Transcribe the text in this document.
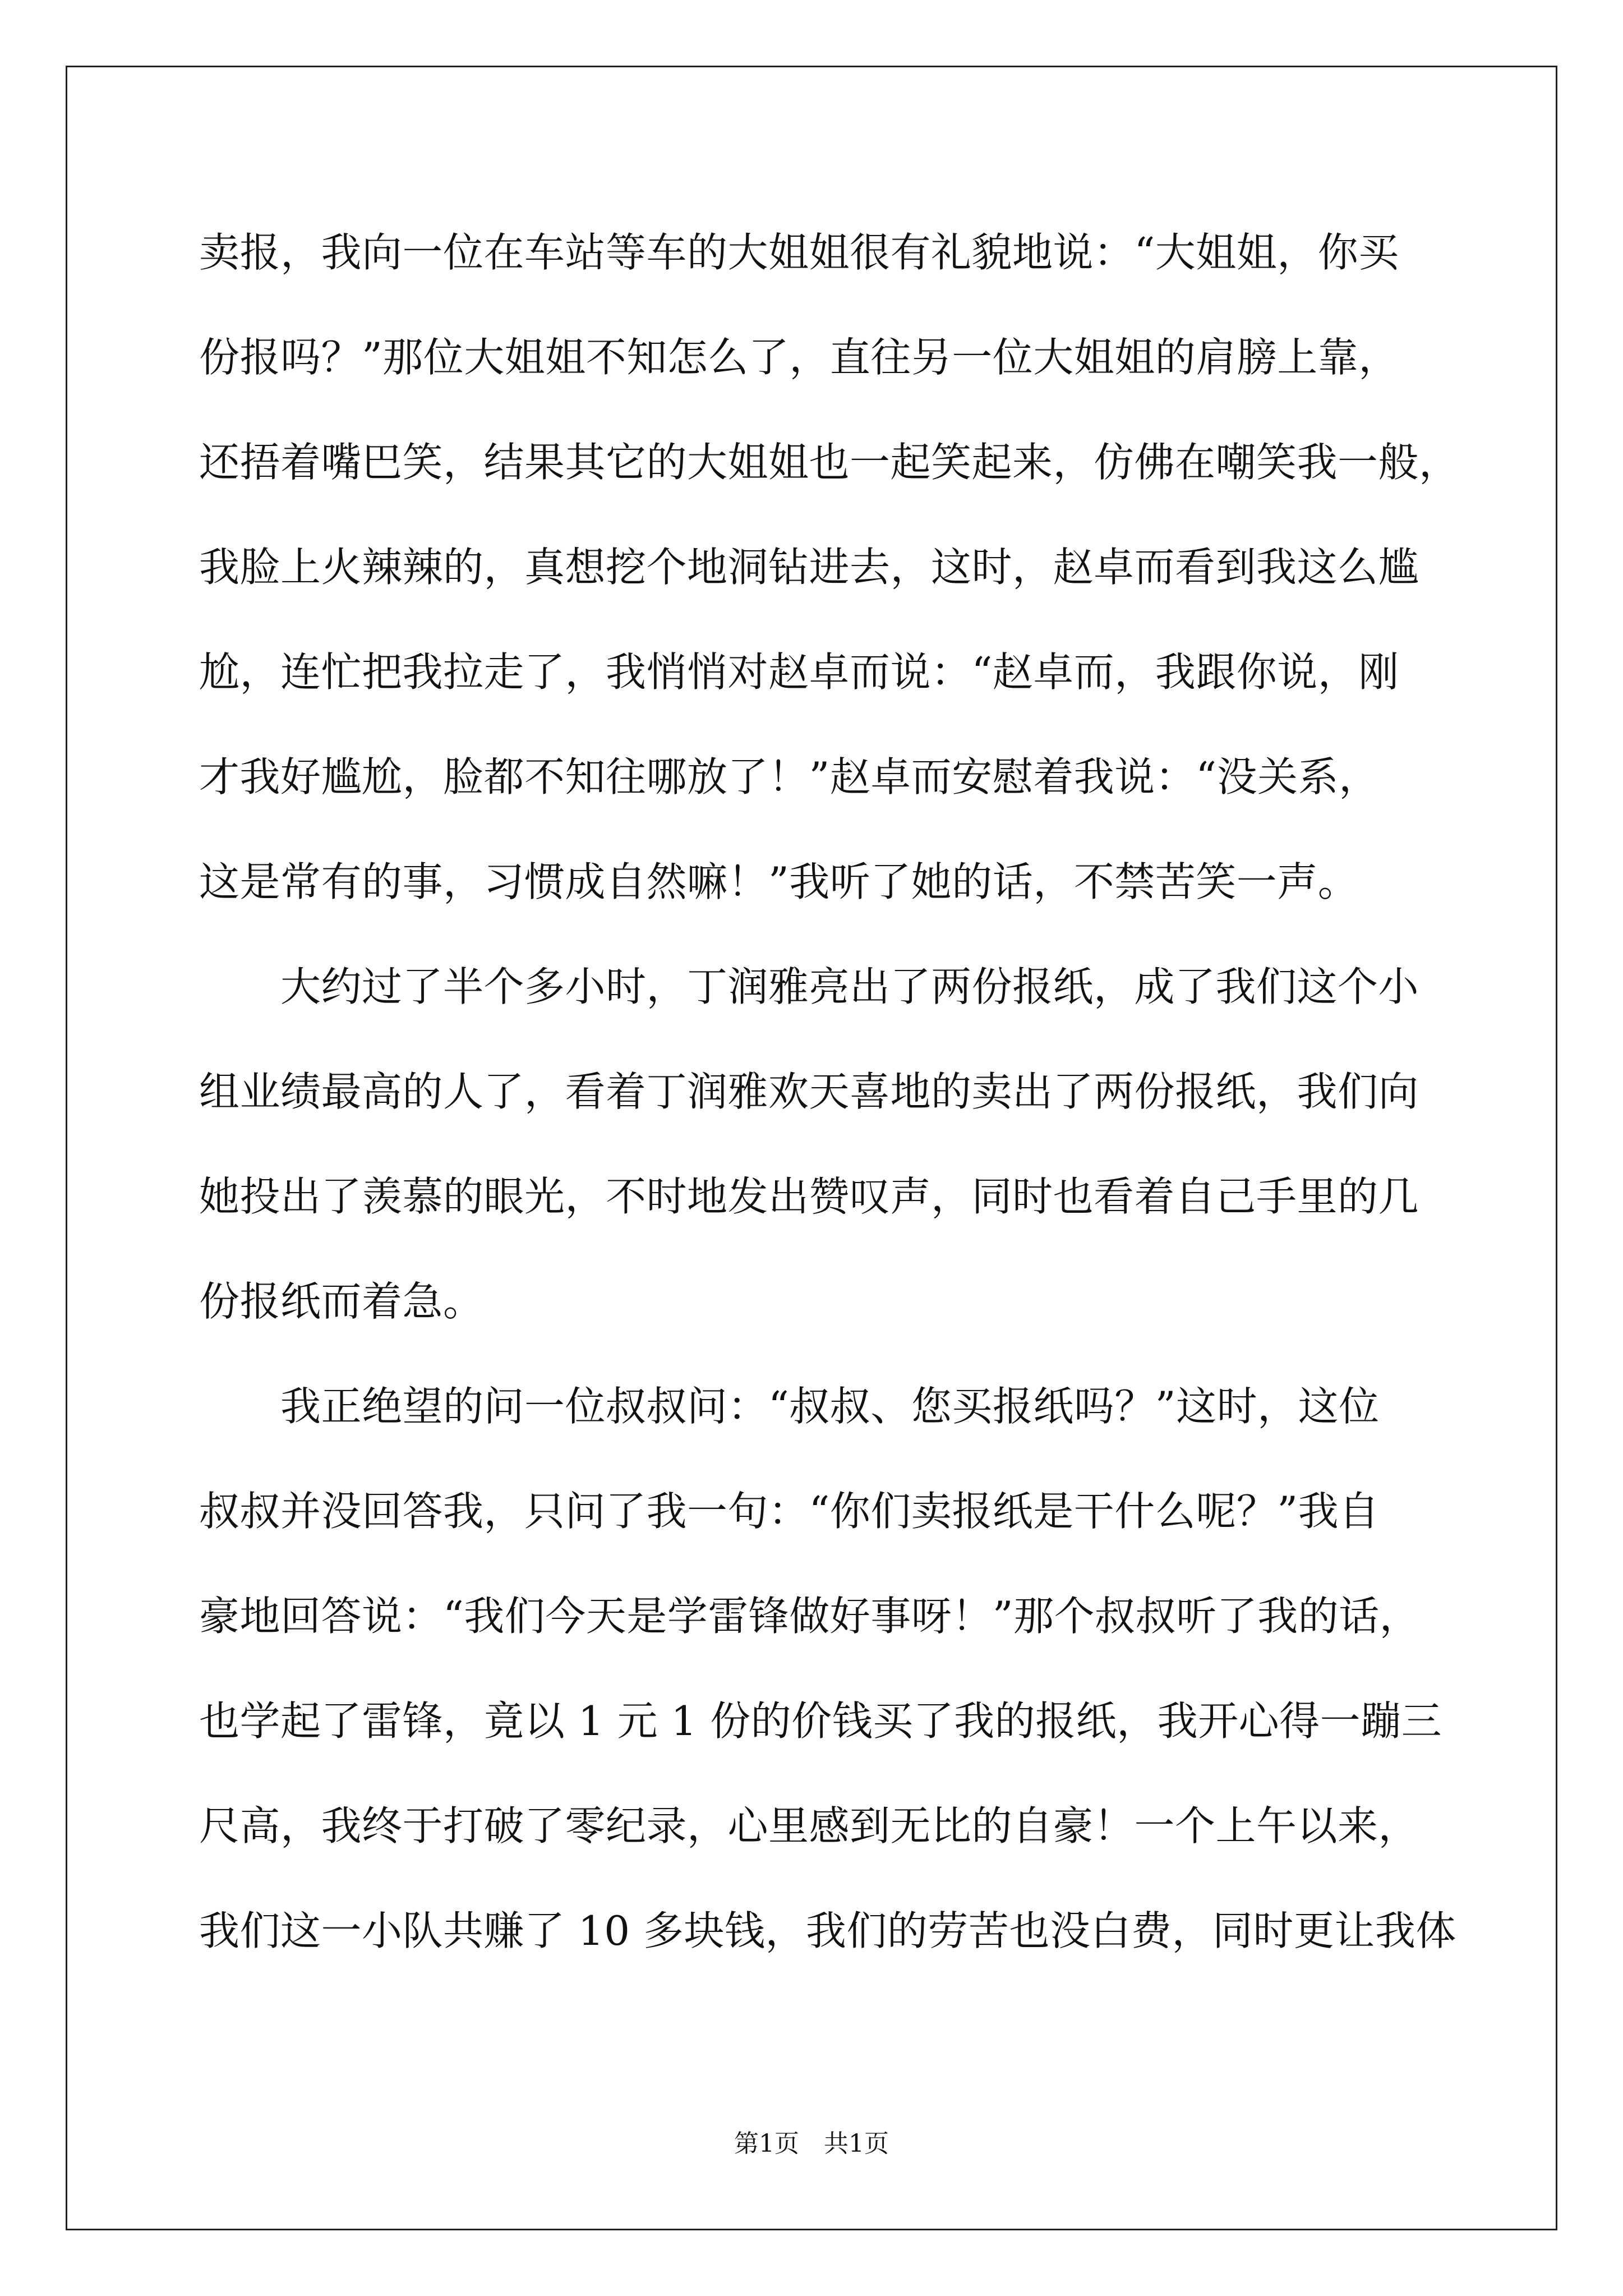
卖报，我向一位在车站等车的大姐姐很有礼貌地说：“大姐姐，你买
份报吗？”那位大姐姐不知怎么了，直往另一位大姐姐的肩膀上靠，
还捂着嘴巴笑，结果其它的大姐姐也一起笑起来，仿佛在嘲笑我一般，
我脸上火辣辣的，真想挖个地洞钻进去，这时，赵卓而看到我这么尴
尬，连忙把我拉走了，我悄悄对赵卓而说：“赵卓而，我跟你说，刚
才我好尴尬，脸都不知往哪放了！”赵卓而安慰着我说：“没关系，
这是常有的事，习惯成自然嘛！”我听了她的话，不禁苦笑一声。
　　大约过了半个多小时，丁润雅亮出了两份报纸，成了我们这个小
组业绩最高的人了，看着丁润雅欢天喜地的卖出了两份报纸，我们向
她投出了羡慕的眼光，不时地发出赞叹声，同时也看着自己手里的几
份报纸而着急。
　　我正绝望的问一位叔叔问：“叔叔、您买报纸吗？”这时，这位
叔叔并没回答我，只问了我一句：“你们卖报纸是干什么呢？”我自
豪地回答说：“我们今天是学雷锋做好事呀！”那个叔叔听了我的话，
也学起了雷锋，竟以 1 元 1 份的价钱买了我的报纸，我开心得一蹦三
尺高，我终于打破了零纪录，心里感到无比的自豪！一个上午以来，
我们这一小队共赚了 10 多块钱，我们的劳苦也没白费，同时更让我体
第1页　共1页
